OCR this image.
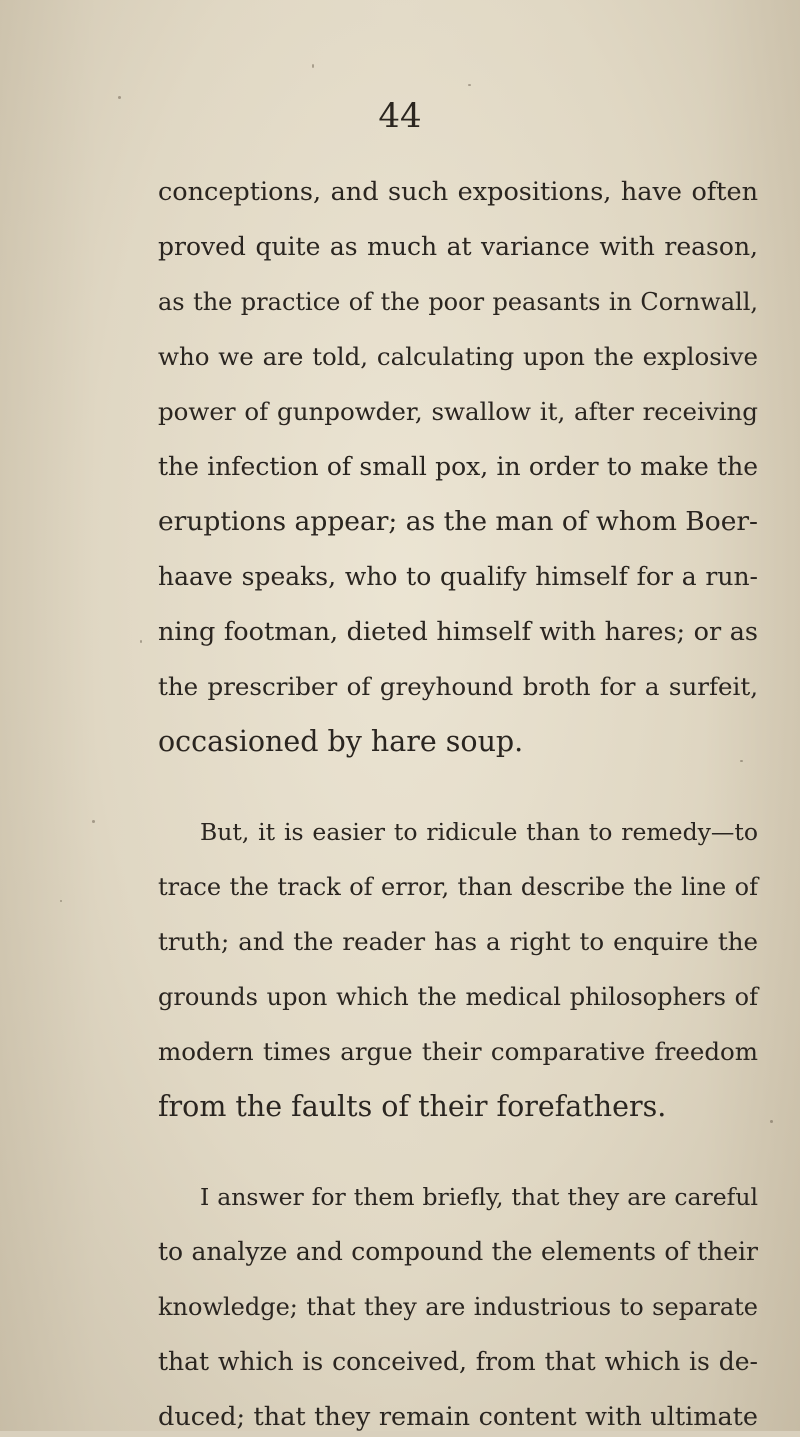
44
conceptions, and such expositions, have often
proved quite as much at variance with reason,
as the practice of the poor peasants in Cornwall,
who we are told, calculating upon the explosive
power of gunpowder, swallow it, after receiving
the infection of small pox, in order to make the
eruptions appear; as the man of whom Boer-
haave speaks, who to qualify himself for a run-
ning footman, dieted himself with hares; or as
the prescriber of greyhound broth for a surfeit,
occasioned by hare soup.
But, it is easier to ridicule than to remedy—to
trace the track of error, than describe the line of
truth; and the reader has a right to enquire the
grounds upon which the medical philosophers of
modern times argue their comparative freedom
from the faults of their forefathers.
I answer for them briefly, that they are careful
to analyze and compound the elements of their
knowledge; that they are industrious to separate
that which is conceived, from that which is de-
duced; that they remain content with ultimate
